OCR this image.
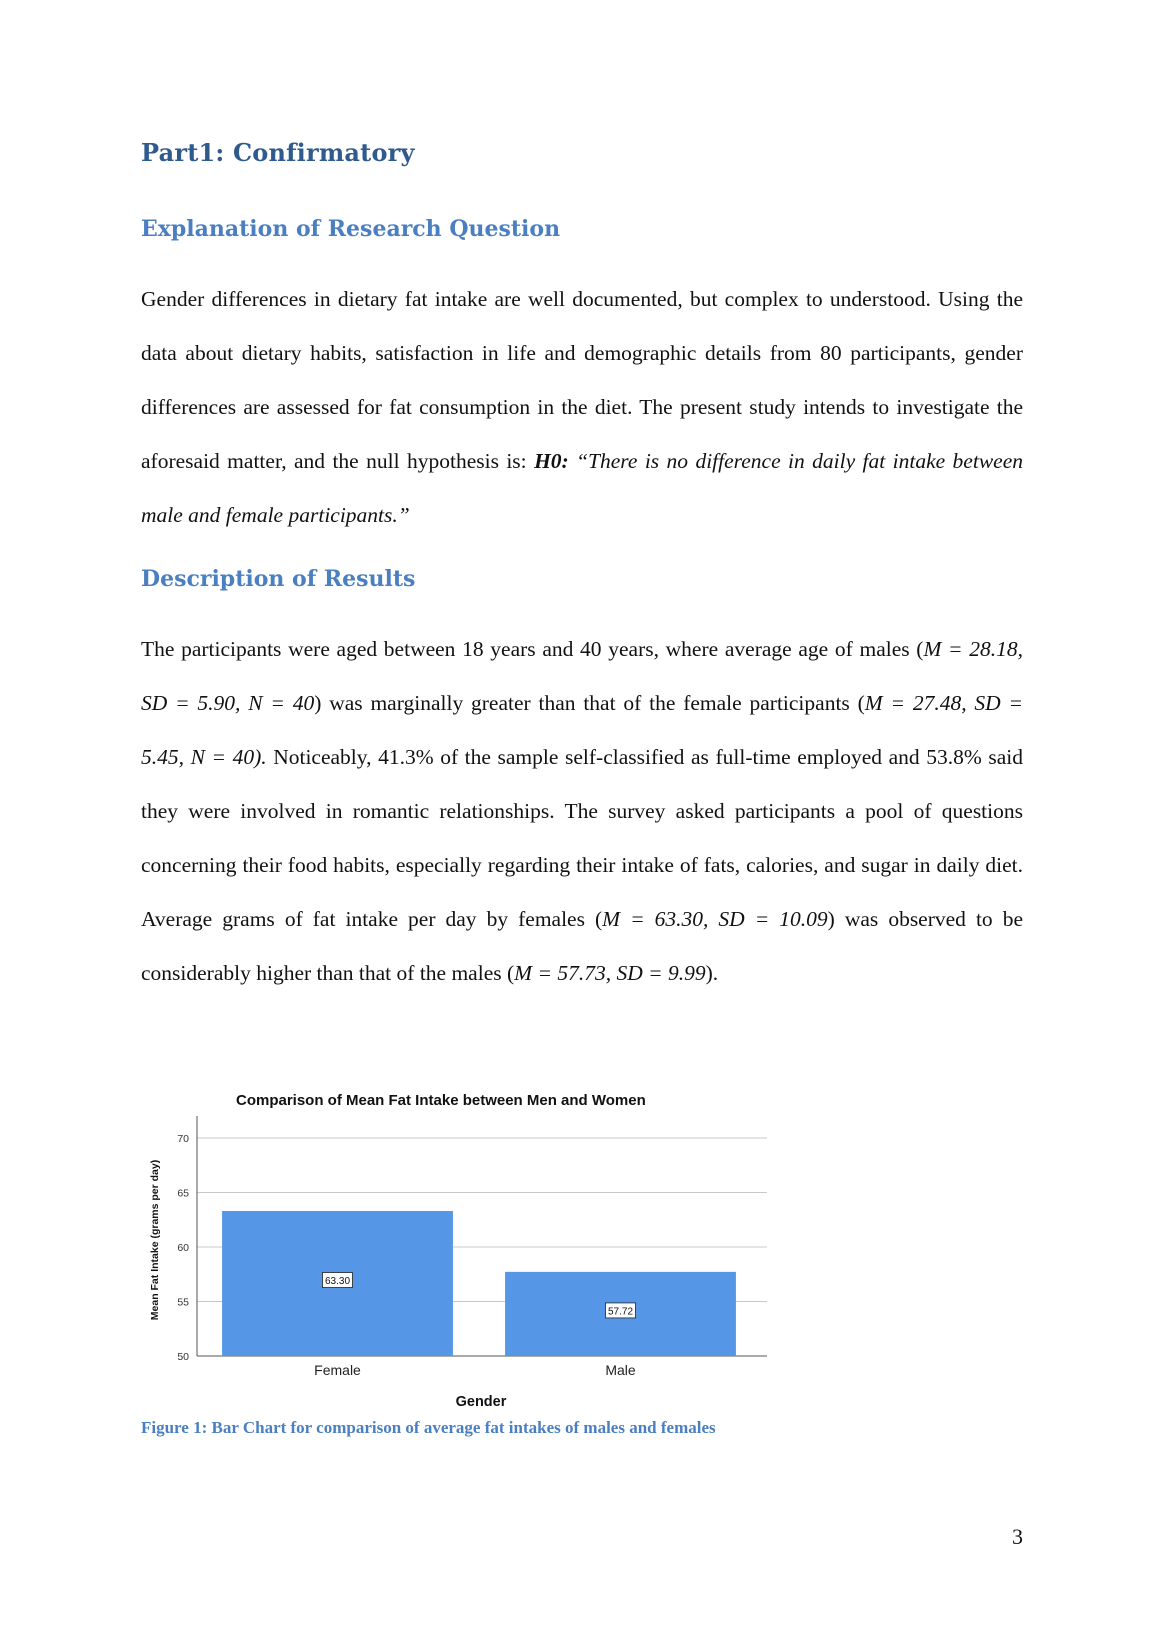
Part1: Confirmatory
Explanation of Research Question

Gender differences in dietary fat intake are well documented, but complex to understood. Using the data about dietary habits, satisfaction in life and demographic details from 80 participants, gender differences are assessed for fat consumption in the diet. The present study intends to investigate the aforesaid matter, and the null hypothesis is: H0: “There is no difference in daily fat intake between male and female participants.”

Description of Results

The participants were aged between 18 years and 40 years, where average age of males (M = 28.18, SD = 5.90, N = 40) was marginally greater than that of the female participants (M = 27.48, SD = 5.45, N = 40). Noticeably, 41.3% of the sample self-classified as full-time employed and 53.8% said they were involved in romantic relationships. The survey asked participants a pool of questions concerning their food habits, especially regarding their intake of fats, calories, and sugar in daily diet. Average grams of fat intake per day by females (M = 63.30, SD = 10.09) was observed to be considerably higher than that of the males (M = 57.73, SD = 9.99).

Comparison of Mean Fat Intake between Men and Women
50
55
60
65
70
63.30
Female
57.72
Male
Mean Fat Intake (grams per day)
Gender

Figure 1: Bar Chart for comparison of average fat intakes of males and females

3
